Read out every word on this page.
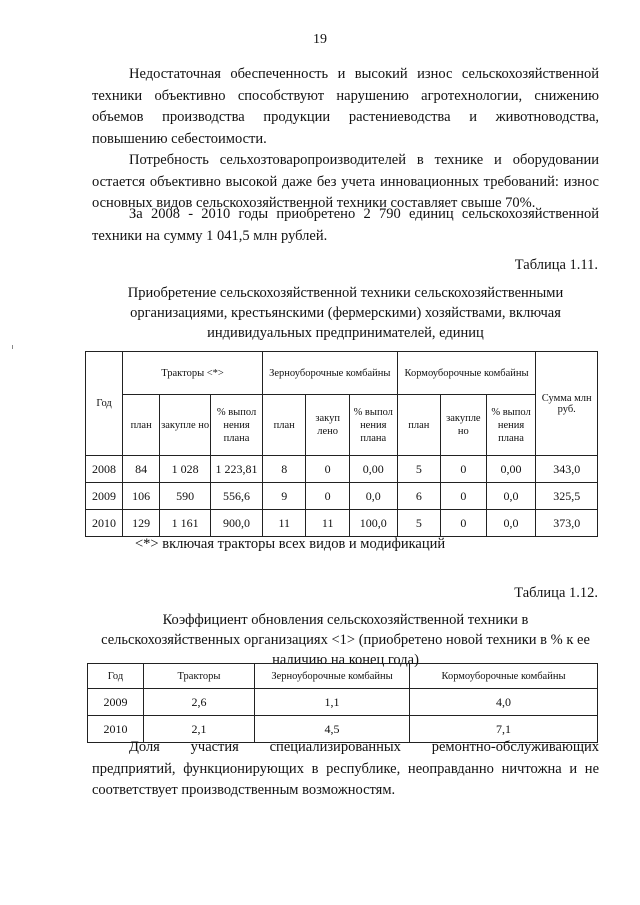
19

Недостаточная обеспеченность и высокий износ сельскохозяйственной техники объективно способствуют нарушению агротехнологии, снижению объемов производства продукции растениеводства и животноводства, повышению себестоимости.

Потребность сельхозтоваропроизводителей в технике и оборудовании остается объективно высокой даже без учета инновационных требований: износ основных видов сельскохозяйственной техники составляет свыше 70%.

За 2008 - 2010 годы приобретено 2 790 единиц сельскохозяйственной техники на сумму 1 041,5 млн рублей.

Таблица 1.11.
Приобретение сельскохозяйственной техники сельскохозяйственными организациями, крестьянскими (фермерскими) хозяйствами, включая индивидуальных предпринимателей, единиц
Год	Тракторы <*>			Зерноуборочные комбайны			Кормоуборочные комбайны			Сумма млн руб.
	план	закупле но	% выпол нения плана	план	закуп лено	% выпол нения плана	план	закупле но	% выпол нения плана	
2008	84	1 028	1 223,81	8	0	0,00	5	0	0,00	343,0
2009	106	590	556,6	9	0	0,0	6	0	0,0	325,5
2010	129	1 161	900,0	11	11	100,0	5	0	0,0	373,0
<*> включая тракторы всех видов и модификаций
Таблица 1.12.
Коэффициент обновления сельскохозяйственной техники в сельскохозяйственных организациях <1> (приобретено новой техники в % к ее наличию на конец года)
Год	Тракторы	Зерноуборочные комбайны	Кормоуборочные комбайны
2009	2,6	1,1	4,0
2010	2,1	4,5	7,1

Доля участия специализированных ремонтно-обслуживающих предприятий, функционирующих в республике, неоправданно ничтожна и не соответствует производственным возможностям.
